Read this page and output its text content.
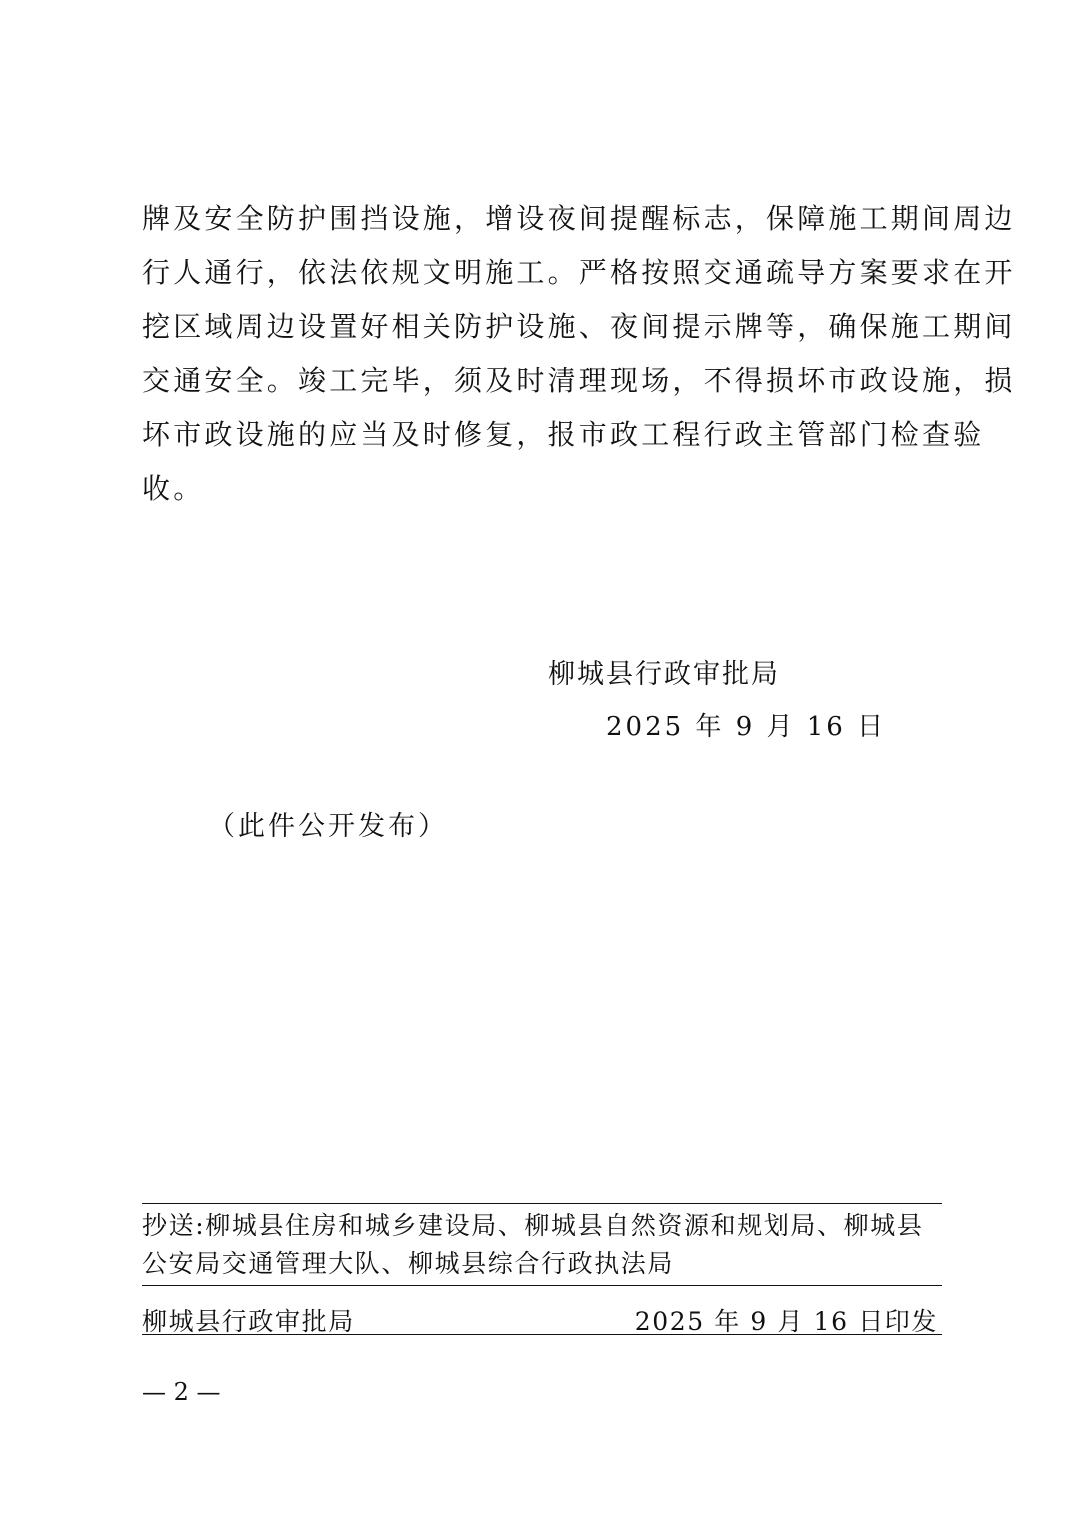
牌及安全防护围挡设施，增设夜间提醒标志，保障施工期间周边
行人通行，依法依规文明施工。严格按照交通疏导方案要求在开
挖区域周边设置好相关防护设施、夜间提示牌等，确保施工期间
交通安全。竣工完毕，须及时清理现场，不得损坏市政设施，损
坏市政设施的应当及时修复，报市政工程行政主管部门检查验
收。
柳城县行政审批局
2025 年 9 月 16 日
（此件公开发布）
抄送:柳城县住房和城乡建设局、柳城县自然资源和规划局、柳城县
公安局交通管理大队、柳城县综合行政执法局
柳城县行政审批局	2025 年 9 月 16 日印发
— 2 —
